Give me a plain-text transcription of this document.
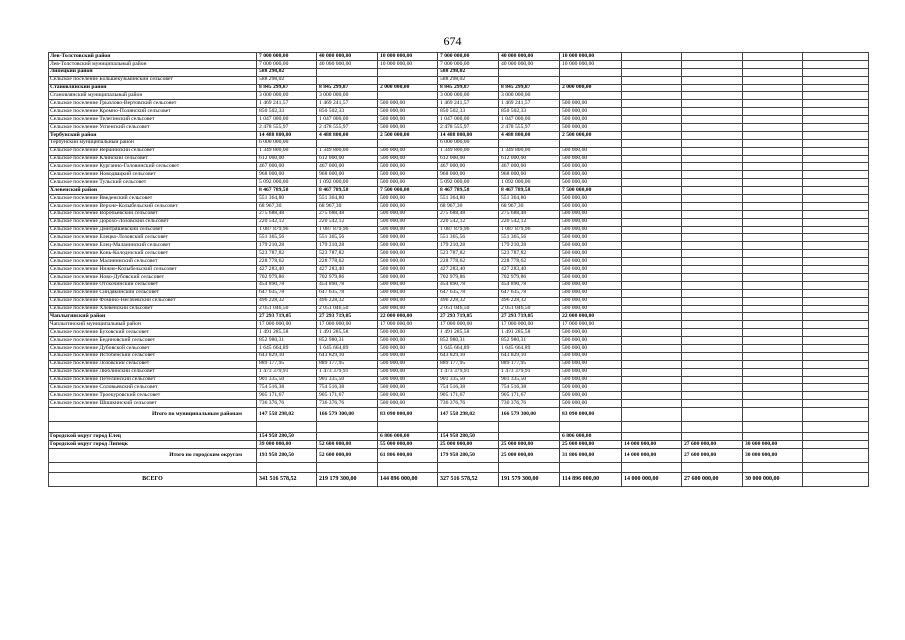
674
Лев-Толстовский район	7 000 000,00	40 000 000,00	10 000 000,00	7 000 000,00	40 000 000,00	10 000 000,00				
Лев-Толстовский муниципальный район	7 000 000,00	40 000 000,00	10 000 000,00	7 000 000,00	40 000 000,00	10 000 000,00				
Липецкий район	588 298,02			588 298,02						
Сельское поселение Большекузьминский сельсовет	588 298,02			588 298,02						
Становлянский район	8 845 299,87	8 845 299,87	2 000 000,00	8 845 299,87	8 845 299,87	2 000 000,00				
Становлянский муниципальный район	3 000 000,00	3 000 000,00		3 000 000,00	3 000 000,00					
Сельское поселение Грызлово-Вертовский сельсовет	1 469 241,57	1 469 241,57	500 000,00	1 469 241,57	1 469 241,57	500 000,00				
Сельское поселение Кромно-Полянский сельсовет	850 502,33	850 502,33	500 000,00	850 502,33	850 502,33	500 000,00				
Сельское поселение Телегинский сельсовет	1 047 000,00	1 047 000,00	500 000,00	1 047 000,00	1 047 000,00	500 000,00				
Сельское поселение Успенский сельсовет	2 478 555,97	2 478 555,97	500 000,00	2 478 555,97	2 478 555,97	500 000,00				
Тербунский район	14 488 800,00	4 488 800,00	2 500 000,00	14 488 800,00	4 488 800,00	2 500 000,00				
Тербунский муниципальный район	6 000 000,00			6 000 000,00						
Сельское поселение Вершинский сельсовет	1 349 800,00	1 349 800,00	500 000,00	1 349 800,00	1 349 800,00	500 000,00				
Сельское поселение Клинский сельсовет	612 000,00	612 000,00	500 000,00	612 000,00	612 000,00	500 000,00				
Сельское поселение Курганно-Головинский сельсовет	467 000,00	467 000,00	500 000,00	467 000,00	467 000,00	500 000,00				
Сельское поселение Новодвацкий сельсовет	968 000,00	968 000,00	500 000,00	968 000,00	968 000,00	500 000,00				
Сельское поселение Тульский сельсовет	5 092 000,00	1 092 000,00	500 000,00	5 092 000,00	1 092 000,00	500 000,00				
Хлевенский район	8 467 789,58	8 467 789,58	7 500 000,00	8 467 789,58	8 467 789,58	7 500 000,00				
Сельское поселение Введенский сельсовет	551 364,80	551 364,80	500 000,00	551 364,80	551 364,80	500 000,00				
Сельское поселение Верхне-Колыбельский сельсовет	68 967,30	68 967,30	500 000,00	68 967,30	68 967,30	500 000,00				
Сельское поселение Воробьевский сельсовет	275 688,48	275 688,48	500 000,00	275 688,48	275 688,48	500 000,00				
Сельское поселение Дорохо-Лозовский сельсовет	220 542,12	220 542,12	500 000,00	220 542,12	220 542,12	500 000,00				
Сельское поселение Дмитряшевский сельсовет	1 087 879,96	1 087 879,96	500 000,00	1 087 879,96	1 087 879,96	500 000,00				
Сельское поселение Елецко-Лозовский сельсовет	551 365,56	551 365,56	500 000,00	551 365,56	551 365,56	500 000,00				
Сельское поселение Елец-Маланинский сельсовет	179 210,28	179 210,28	500 000,00	179 210,28	179 210,28	500 000,00				
Сельское поселение Конь-Колодезский сельсовет	523 787,82	523 787,82	500 000,00	523 787,82	523 787,82	500 000,00				
Сельское поселение Малининский сельсовет	228 778,62	228 778,62	500 000,00	228 778,62	228 778,62	500 000,00				
Сельское поселение Нижне-Колыбельский сельсовет	427 283,40	427 283,40	500 000,00	427 283,40	427 283,40	500 000,00				
Сельское поселение Ново-Дубовский сельсовет	702 979,86	702 979,86	500 000,00	702 979,86	702 979,86	500 000,00				
Сельское поселение Отскочинский сельсовет	454 890,78	454 890,78	500 000,00	454 890,78	454 890,78	500 000,00				
Сельское поселение Синдякинский сельсовет	647 635,78	647 635,78	500 000,00	647 635,78	647 635,78	500 000,00				
Сельское поселение Фомино-Негачевский сельсовет	496 228,32	496 228,32	500 000,00	496 228,32	496 228,32	500 000,00				
Сельское поселение Хлевенский сельсовет	2 051 046,50	2 051 046,50	500 000,00	2 051 046,50	2 051 046,50	500 000,00				
Чаплыгинский район	27 293 719,05	27 293 719,05	22 000 000,00	27 293 719,05	27 293 719,05	22 000 000,00				
Чаплыгинский муниципальный район	17 000 000,00	17 000 000,00	17 000 000,00	17 000 000,00	17 000 000,00	17 000 000,00				
Сельское поселение Буховский сельсовет	1 491 285,58	1 491 285,58	500 000,00	1 491 285,58	1 491 285,58	500 000,00				
Сельское поселение Бединовский сельсовет	852 980,31	852 980,31	500 000,00	852 980,31	852 980,31	500 000,00				
Сельское поселение Дубовской сельсовет	1 645 664,89	1 645 664,89	500 000,00	1 645 664,89	1 645 664,89	500 000,00				
Сельское поселение Истобенский сельсовет	643 829,10	643 829,10	500 000,00	643 829,10	643 829,10	500 000,00				
Сельское поселение Лозовский сельсовет	889 177,95	889 177,95	500 000,00	889 177,95	889 177,95	500 000,00				
Сельское поселение Люблинский сельсовет	1 473 379,91	1 473 379,91	500 000,00	1 473 379,91	1 473 379,91	500 000,00				
Сельское поселение Петелинский сельсовет	901 335,50	901 335,50	500 000,00	901 335,50	901 335,50	500 000,00				
Сельское поселение Соловьевский сельсовет	754 516,38	754 516,38	500 000,00	754 516,38	754 516,38	500 000,00				
Сельское поселение Троекуровский сельсовет	905 171,67	905 171,67	500 000,00	905 171,67	905 171,67	500 000,00				
Сельское поселение Шишкинский сельсовет	736 376,76	736 376,76	500 000,00	736 376,76	736 376,76	500 000,00				
Итого по муниципальным районам	147 558 298,02	166 579 300,00	83 090 000,00	147 558 298,02	166 579 300,00	83 090 000,00				

Городской округ город Елец	154 958 280,50		6 806 000,00	154 958 280,50		6 806 000,00				
Городской округ город Липецк	39 000 000,00	52 600 000,00	55 000 000,00	25 000 000,00	25 000 000,00	25 000 000,00	14 000 000,00	27 600 000,00	30 000 000,00	
Итого по городским округам	193 958 280,50	52 600 000,00	61 806 000,00	179 958 280,50	25 000 000,00	31 806 000,00	14 000 000,00	27 600 000,00	30 000 000,00	

ВСЕГО	341 516 578,52	219 179 300,00	144 896 000,00	327 516 578,52	191 579 300,00	114 896 000,00	14 000 000,00	27 600 000,00	30 000 000,00	
